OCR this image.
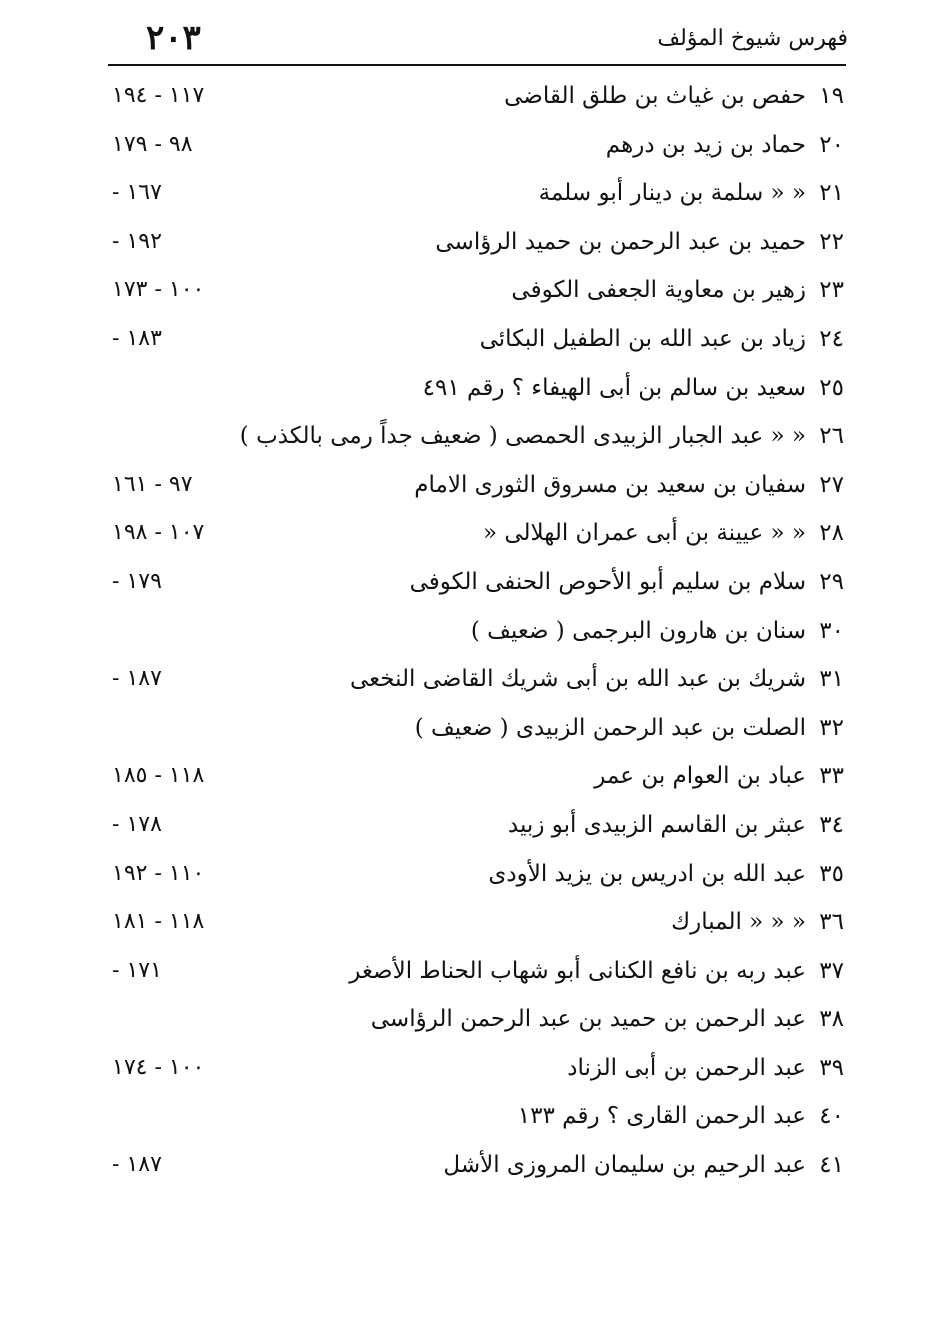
٢٠٣	فهرس شيوخ المؤلف
١٩
حفص بن غياث بن طلق القاضى
١١٧ - ١٩٤
٢٠
حماد بن زيد بن درهم
٩٨ - ١٧٩
٢١
« « سلمة بن دينار أبو سلمة
- ١٦٧
٢٢
حميد بن عبد الرحمن بن حميد الرؤاسى
- ١٩٢
٢٣
زهير بن معاوية الجعفى الكوفى
١٠٠ - ١٧٣
٢٤
زياد بن عبد الله بن الطفيل البكائى
- ١٨٣
٢٥
سعيد بن سالم بن أبى الهيفاء ؟ رقم ٤٩١
٢٦
« « عبد الجبار الزبيدى الحمصى ( ضعيف جداً رمى بالكذب )
٢٧
سفيان بن سعيد بن مسروق الثورى الامام
٩٧ - ١٦١
٢٨
« « عيينة بن أبى عمران الهلالى «
١٠٧ - ١٩٨
٢٩
سلام بن سليم أبو الأحوص الحنفى الكوفى
- ١٧٩
٣٠
سنان بن هارون البرجمى ( ضعيف )
٣١
شريك بن عبد الله بن أبى شريك القاضى النخعى
- ١٨٧
٣٢
الصلت بن عبد الرحمن الزبيدى ( ضعيف )
٣٣
عباد بن العوام بن عمر
١١٨ - ١٨٥
٣٤
عبثر بن القاسم الزبيدى أبو زبيد
- ١٧٨
٣٥
عبد الله بن ادريس بن يزيد الأودى
١١٠ - ١٩٢
٣٦
« « « المبارك
١١٨ - ١٨١
٣٧
عبد ربه بن نافع الكنانى أبو شهاب الحناط الأصغر
- ١٧١
٣٨
عبد الرحمن بن حميد بن عبد الرحمن الرؤاسى
٣٩
عبد الرحمن بن أبى الزناد
١٠٠ - ١٧٤
٤٠
عبد الرحمن القارى ؟ رقم ١٣٣
٤١
عبد الرحيم بن سليمان المروزى الأشل
- ١٨٧
